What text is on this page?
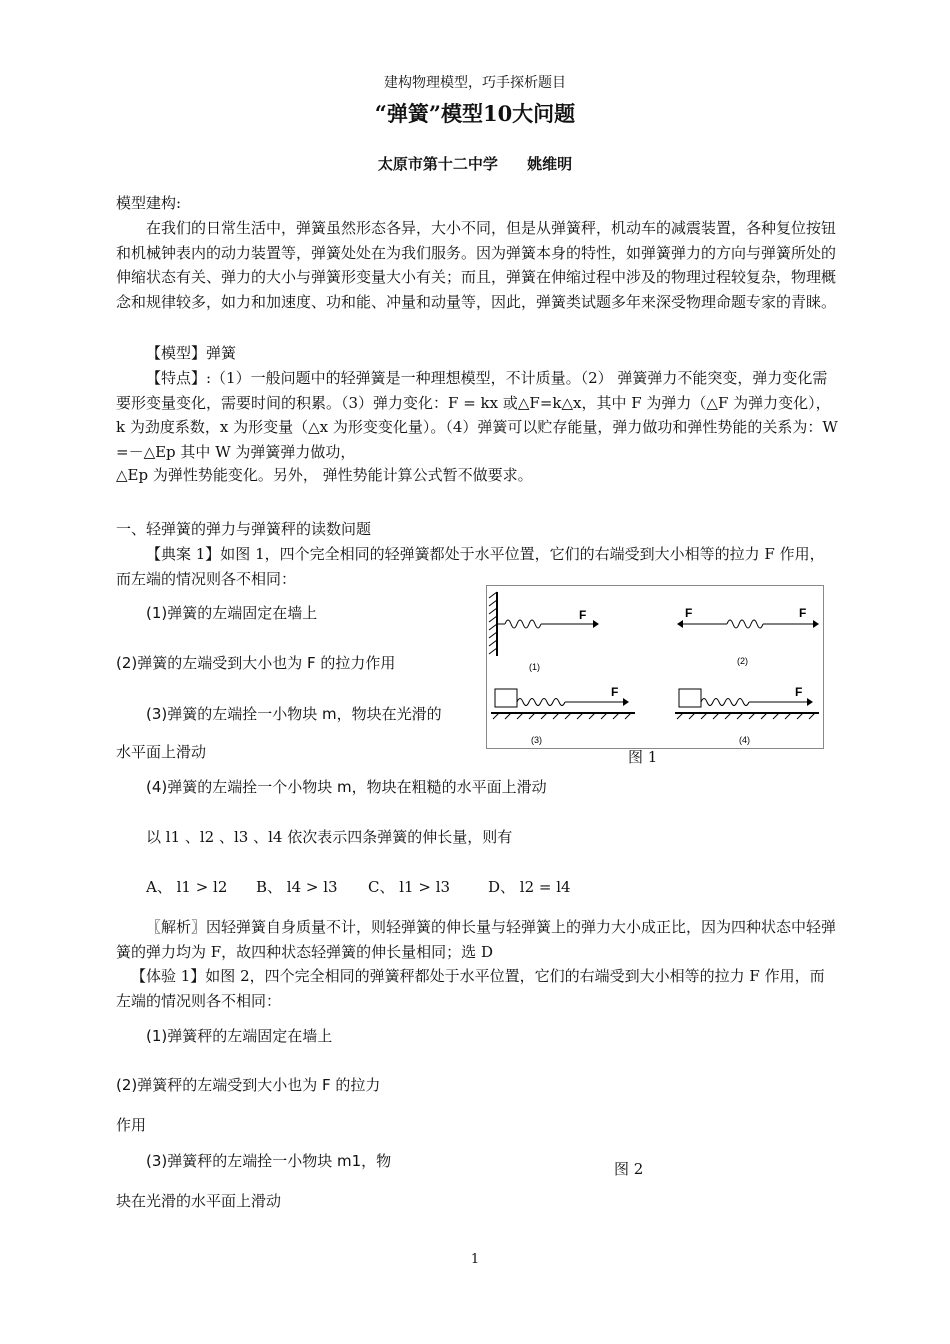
建构物理模型，巧手探析题目
“弹簧”模型10大问题
太原市第十二中学 姚维明
模型建构:
在我们的日常生活中，弹簧虽然形态各异，大小不同，但是从弹簧秤，机动车的减震装置，各种复位按钮和机械钟表内的动力装置等，弹簧处处在为我们服务。因为弹簧本身的特性，如弹簧弹力的方向与弹簧所处的伸缩状态有关、弹力的大小与弹簧形变量大小有关；而且，弹簧在伸缩过程中涉及的物理过程较复杂，物理概念和规律较多，如力和加速度、功和能、冲量和动量等，因此，弹簧类试题多年来深受物理命题专家的青睐。
【模型】弹簧
【特点】:（1）一般问题中的轻弹簧是一种理想模型，不计质量。（2） 弹簧弹力不能突变，弹力变化需要形变量变化，需要时间的积累。（3）弹力变化：F = kx 或△F=k△x，其中 F 为弹力（△F 为弹力变化）， k 为劲度系数，x 为形变量（△x 为形变变化量）。（4）弹簧可以贮存能量，弹力做功和弹性势能的关系为：W =－△Ep 其中 W 为弹簧弹力做功，
△Ep 为弹性势能变化。另外， 弹性势能计算公式暂不做要求。
一、轻弹簧的弹力与弹簧秤的读数问题
【典案 1】如图 1，四个完全相同的轻弹簧都处于水平位置，它们的右端受到大小相等的拉力 F 作用，而左端的情况则各不相同：
(1)弹簧的左端固定在墙上
(2)弹簧的左端受到大小也为 F 的拉力作用
(3)弹簧的左端拴一小物块 m，物块在光滑的
水平面上滑动
(4)弹簧的左端拴一个小物块 m，物块在粗糙的水平面上滑动
以 l1 、l2 、l3 、l4 依次表示四条弹簧的伸长量，则有
A、 l1 > l2 B、 l4 > l3 C、 l1 > l3	D、 l2 = l4
〖解析〗因轻弹簧自身质量不计，则轻弹簧的伸长量与轻弹簧上的弹力大小成正比，因为四种状态中轻弹簧的弹力均为 F，故四种状态轻弹簧的伸长量相同；选 D
【体验 1】如图 2，四个完全相同的弹簧秤都处于水平位置，它们的右端受到大小相等的拉力 F 作用，而左端的情况则各不相同：
(1)弹簧秤的左端固定在墙上
(2)弹簧秤的左端受到大小也为 F 的拉力
作用
(3)弹簧秤的左端拴一小物块 m1，物
块在光滑的水平面上滑动
图 2
F
(1)
F	F
(2)
F
(3)
F
(4)
图 1
1
